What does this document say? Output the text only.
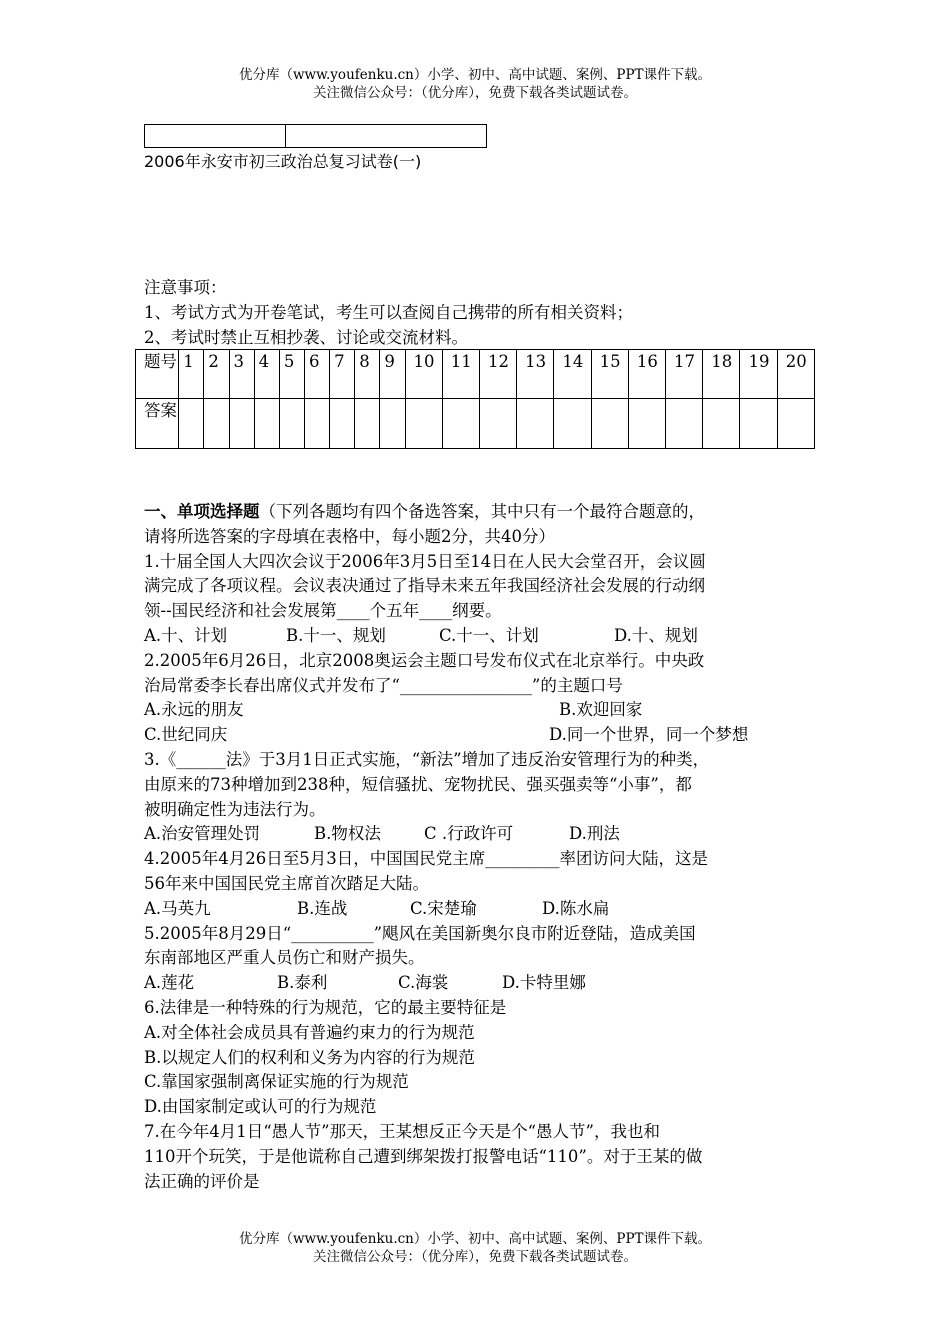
优分库（www.youfenku.cn）小学、初中、高中试题、案例、PPT课件下载。
关注微信公众号：（优分库），免费下载各类试题试卷。

2006年永安市初三政治总复习试卷(一)
注意事项：
1、考试方式为开卷笔试，考生可以查阅自己携带的所有相关资料；
2、考试时禁止互相抄袭、讨论或交流材料。
题号	1	2	3	4	5	6	7	8	9	10	11	12	13	14	15	16	17	18	19	20
答案																				

一、单项选择题（下列各题均有四个备选答案，其中只有一个最符合题意的，

请将所选答案的字母填在表格中，每小题2分，共40分）

1.十届全国人大四次会议于2006年3月5日至14日在人民大会堂召开，会议圆

满完成了各项议程。会议表决通过了指导未来五年我国经济社会发展的行动纲

领--国民经济和社会发展第____个五年____纲要。

A.十、计划	B.十一、规划	C.十一、计划	D.十、规划

2.2005年6月26日，北京2008奥运会主题口号发布仪式在北京举行。中央政

治局常委李长春出席仪式并发布了“________________”的主题口号

A.永远的朋友	B.欢迎回家
C.世纪同庆	D.同一个世界，同一个梦想

3.《______法》于3月1日正式实施，“新法”增加了违反治安管理行为的种类，

由原来的73种增加到238种，短信骚扰、宠物扰民、强买强卖等“小事”，都

被明确定性为违法行为。

A.治安管理处罚	B.物权法	C .行政许可	D.刑法

4.2005年4月26日至5月3日，中国国民党主席_________率团访问大陆，这是

56年来中国国民党主席首次踏足大陆。

A.马英九	B.连战	C.宋楚瑜	D.陈水扁

5.2005年8月29日“__________”飓风在美国新奥尔良市附近登陆，造成美国

东南部地区严重人员伤亡和财产损失。

A.莲花	B.泰利	C.海裳	D.卡特里娜

6.法律是一种特殊的行为规范，它的最主要特征是

A.对全体社会成员具有普遍约束力的行为规范

B.以规定人们的权利和义务为内容的行为规范

C.靠国家强制离保证实施的行为规范

D.由国家制定或认可的行为规范

7.在今年4月1日“愚人节”那天，王某想反正今天是个“愚人节”，我也和

110开个玩笑，于是他谎称自己遭到绑架拨打报警电话“110”。对于王某的做

法正确的评价是

优分库（www.youfenku.cn）小学、初中、高中试题、案例、PPT课件下载。
关注微信公众号：（优分库），免费下载各类试题试卷。
